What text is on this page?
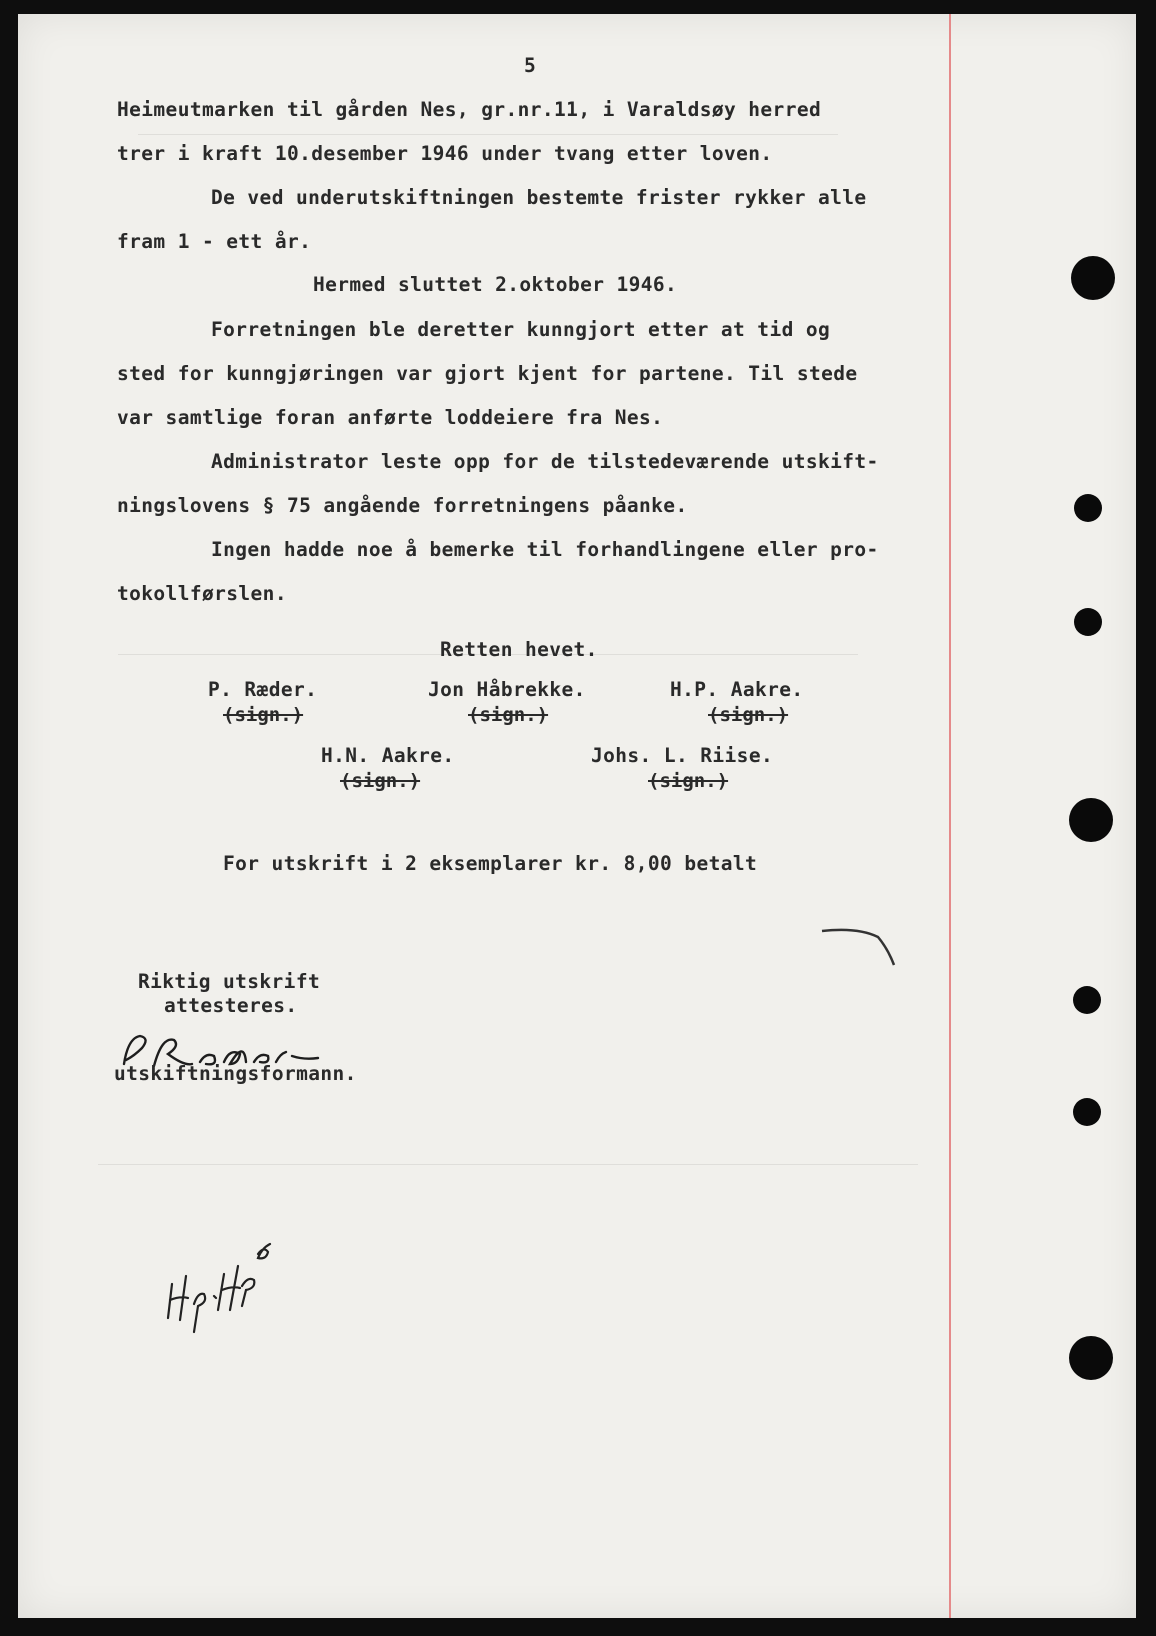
5
Heimeutmarken til gården Nes, gr.nr.11, i Varaldsøy herred
trer i kraft 10.desember 1946 under tvang etter loven.
De ved underutskiftningen bestemte frister rykker alle
fram 1 - ett år.
Hermed sluttet 2.oktober 1946.
Forretningen ble deretter kunngjort etter at tid og
sted for kunngjøringen var gjort kjent for partene. Til stede
var samtlige foran anførte loddeiere fra Nes.
Administrator leste opp for de tilstedeværende utskift-
ningslovens § 75 angående forretningens påanke.
Ingen hadde noe å bemerke til forhandlingene eller pro-
tokollførslen.
Retten hevet.
P. Ræder.
(sign.)
Jon Håbrekke.
(sign.)
H.P. Aakre.
(sign.)
H.N. Aakre.
(sign.)
Johs. L. Riise.
(sign.)
For utskrift i 2 eksemplarer kr. 8,00 betalt
Riktig utskrift
attesteres.
utskiftningsformann.
